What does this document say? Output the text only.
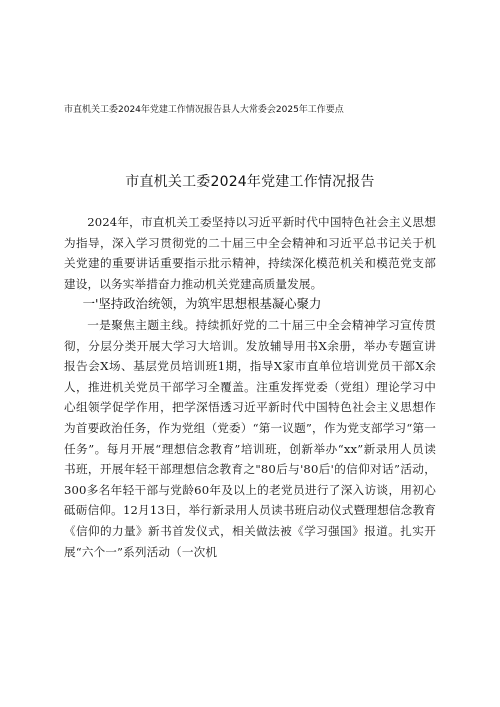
市直机关工委2024年党建工作情况报告县人大常委会2025年工作要点
市直机关工委2024年党建工作情况报告

2024年，市直机关工委坚持以习近平新时代中国特色社会主义思想为指导，深入学习贯彻党的二十届三中全会精神和习近平总书记关于机关党建的重要讲话重要指示批示精神，持续深化模范机关和模范党支部建设，以务实举措奋力推动机关党建高质量发展。

一'坚持政治统领，为筑牢思想根基凝心聚力

一是聚焦主题主线。持续抓好党的二十届三中全会精神学习宣传贯彻，分层分类开展大学习大培训。发放辅导用书X余册，举办专题宣讲报告会X场、基层党员培训班1期，指导X家市直单位培训党员干部X余人，推进机关党员干部学习全覆盖。注重发挥党委（党组）理论学习中心组领学促学作用，把学深悟透习近平新时代中国特色社会主义思想作为首要政治任务，作为党组（党委）“第一议题”，作为党支部学习“第一任务”。每月开展“理想信念教育”培训班，创新举办“xx”新录用人员读书班，开展年轻干部理想信念教育之"80后与'80后'的信仰对话”活动，300多名年轻干部与党龄60年及以上的老党员进行了深入访谈，用初心砥砺信仰。12月13日，举行新录用人员读书班启动仪式暨理想信念教育《信仰的力量》新书首发仪式，相关做法被《学习强国》报道。扎实开展“六个一”系列活动（一次机
